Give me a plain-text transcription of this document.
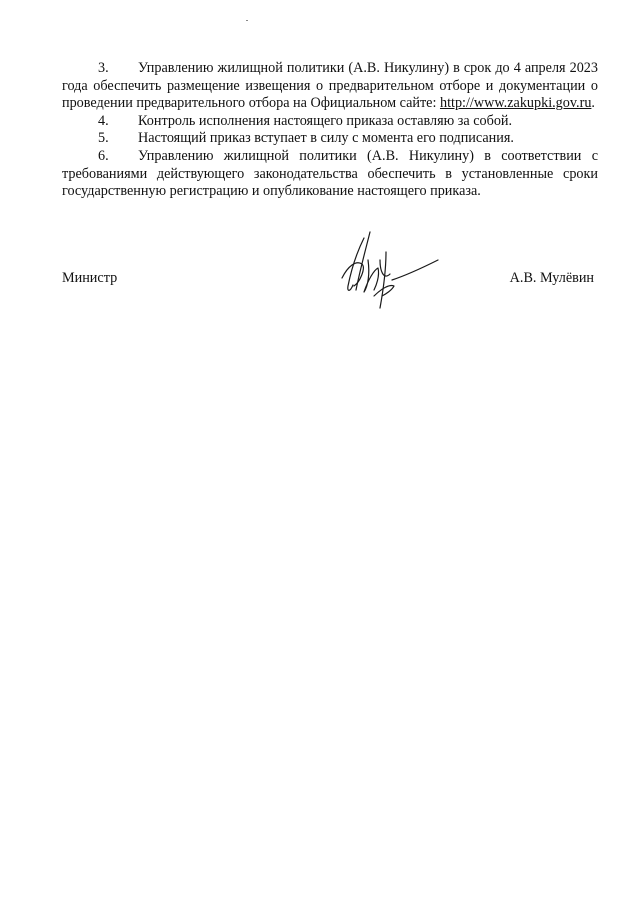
3. Управлению жилищной политики (А.В. Никулину) в срок до 4 апреля 2023 года обеспечить размещение извещения о предварительном отборе и документации о проведении предварительного отбора на Официальном сайте: http://www.zakupki.gov.ru.

4. Контроль исполнения настоящего приказа оставляю за собой.

5. Настоящий приказ вступает в силу с момента его подписания.

6. Управлению жилищной политики (А.В. Никулину) в соответствии с требованиями действующего законодательства обеспечить в установленные сроки государственную регистрацию и опубликование настоящего приказа.

Министр	А.В. Мулёвин
